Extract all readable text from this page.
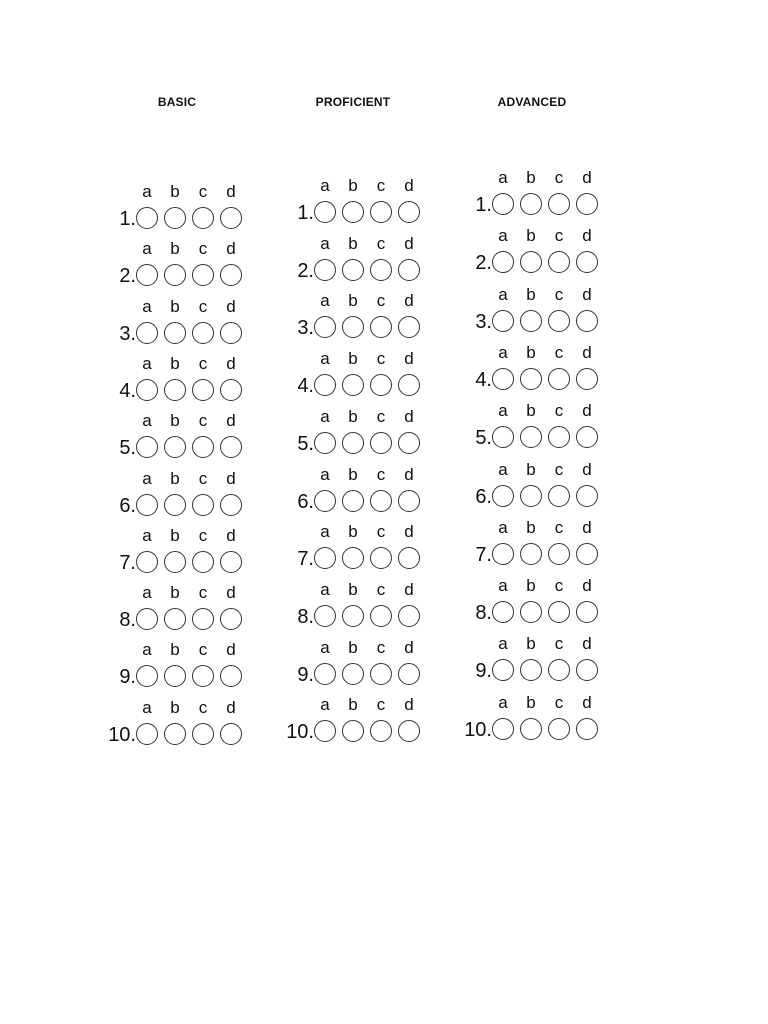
BASIC	PROFICIENT	ADVANCED
1.
a	b	c	d
2.
a	b	c	d
3.
a	b	c	d
4.
a	b	c	d
5.
a	b	c	d
6.
a	b	c	d
7.
a	b	c	d
8.
a	b	c	d
9.
a	b	c	d
10.
a	b	c	d
1.
a	b	c	d
2.
a	b	c	d
3.
a	b	c	d
4.
a	b	c	d
5.
a	b	c	d
6.
a	b	c	d
7.
a	b	c	d
8.
a	b	c	d
9.
a	b	c	d
10.
a	b	c	d
1.
a	b	c	d
2.
a	b	c	d
3.
a	b	c	d
4.
a	b	c	d
5.
a	b	c	d
6.
a	b	c	d
7.
a	b	c	d
8.
a	b	c	d
9.
a	b	c	d
10.
a	b	c	d
